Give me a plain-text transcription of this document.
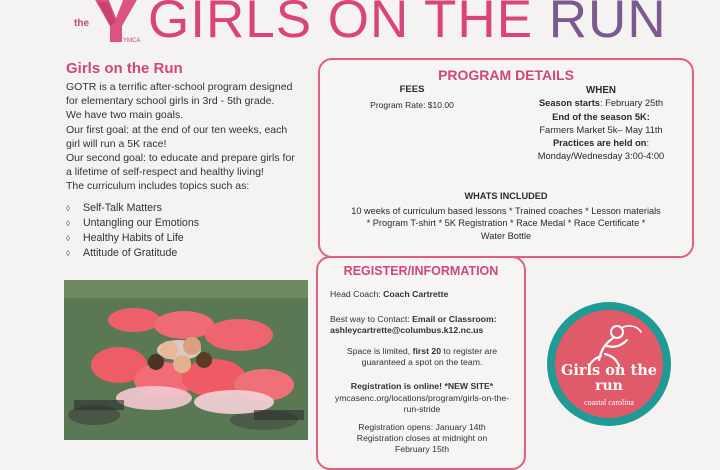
the
YMCA GIRLS ON THE RUN
Girls on the Run

GOTR is a terrific after-school program designed

for elementary school girls in 3rd - 5th grade.

We have two main goals.

Our first goal: at the end of our ten weeks, each

girl will run a 5K race!

Our second goal: to educate and prepare girls for

a lifetime of self-respect and healthy living!

The curriculum includes topics such as:

◊ Self-Talk Matters
◊ Untangling our Emotions
◊ Healthy Habits of Life
◊ Attitude of Gratitude
PROGRAM DETAILS
FEES
Program Rate: $10.00
WHEN
Season starts: February 25th
End of the season 5K:
Farmers Market 5k– May 11th
Practices are held on:
Monday/Wednesday 3:00-4:00
WHATS INCLUDED
10 weeks of curriculum based lessons * Trained coaches * Lesson materials
* Program T-shirt * 5K Registration * Race Medal * Race Certificate *
Water Bottle
REGISTER/INFORMATION
Head Coach: Coach Cartrette
Best way to Contact: Email or Classroom:
ashleycartrette@columbus.k12.nc.us
Space is limited, first 20 to register are
guaranteed a spot on the team.
Registration is online! *NEW SITE*
ymcasenc.org/locations/program/girls-on-the-
run-stride
Registration opens: January 14th
Registration closes at midnight on
February 15th
Girls on the
run
coastal carolina
